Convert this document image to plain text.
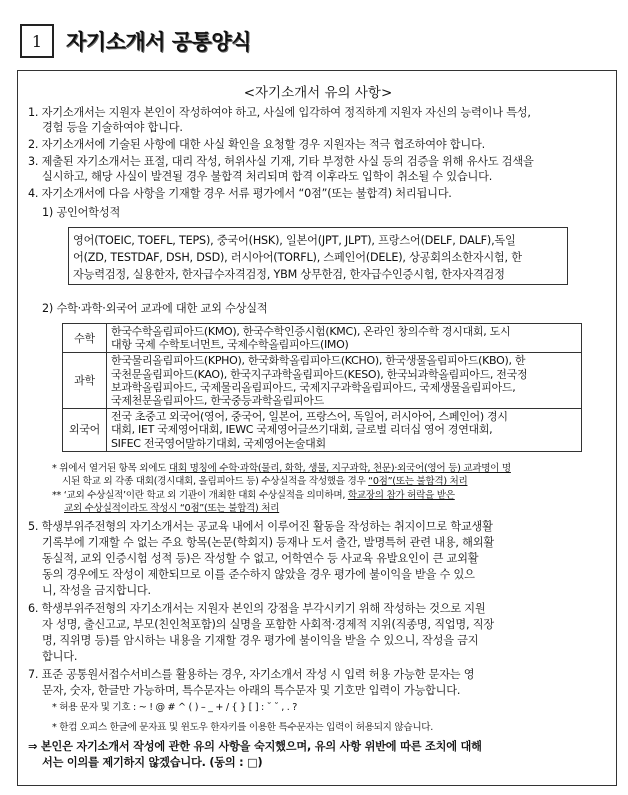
1	자기소개서 공통양식
<자기소개서 유의 사항>
1. 자기소개서는 지원자 본인이 작성하여야 하고, 사실에 입각하여 정직하게 지원자 자신의 능력이나 특성,
경험 등을 기술하여야 합니다.
2. 자기소개서에 기술된 사항에 대한 사실 확인을 요청할 경우 지원자는 적극 협조하여야 합니다.
3. 제출된 자기소개서는 표절, 대리 작성, 허위사실 기재, 기타 부정한 사실 등의 검증을 위해 유사도 검색을
실시하고, 해당 사실이 발견될 경우 불합격 처리되며 합격 이후라도 입학이 취소될 수 있습니다.
4. 자기소개서에 다음 사항을 기재할 경우 서류 평가에서 “0점”(또는 불합격) 처리됩니다.
1) 공인어학성적
영어(TOEIC, TOEFL, TEPS), 중국어(HSK), 일본어(JPT, JLPT), 프랑스어(DELF, DALF),독일
어(ZD, TESTDAF, DSH, DSD), 러시아어(TORFL), 스페인어(DELE), 상공회의소한자시험, 한
자능력검정, 실용한자, 한자급수자격검정, YBM 상무한검, 한자급수인증시험, 한자자격검정
2) 수학·과학·외국어 교과에 대한 교외 수상실적
수학	한국수학올림피아드(KMO), 한국수학인증시험(KMC), 온라인 창의수학 경시대회, 도시
대항 국제 수학토너먼트, 국제수학올림피아드(IMO)

과학	한국물리올림피아드(KPHO), 한국화학올림피아드(KCHO), 한국생물올림피아드(KBO), 한
국천문올림피아드(KAO), 한국지구과학올림피아드(KESO), 한국뇌과학올림피아드, 전국정
보과학올림피아드, 국제물리올림피아드, 국제지구과학올림피아드, 국제생물올림피아드,
국제천문올림피아드, 한국중등과학올림피아드

외국어	전국 초중고 외국어(영어, 중국어, 일본어, 프랑스어, 독일어, 러시아어, 스페인어) 경시
대회, IET 국제영어대회, IEWC 국제영어글쓰기대회, 글로벌 리더십 영어 경연대회,
SIFEC 전국영어말하기대회, 국제영어논술대회
* 위에서 열거된 항목 외에도 대회 명칭에 수학·과학(물리, 화학, 생물, 지구과학, 천문)·외국어(영어 등) 교과명이 명
시된 학교 외 각종 대회(경시대회, 올림피아드 등) 수상실적을 작성했을 경우 “0점”(또는 불합격) 처리
** ‘교외 수상실적’이란 학교 외 기관이 개최한 대회 수상실적을 의미하며, 학교장의 참가 허락을 받은
교외 수상실적이라도 작성시 “0점”(또는 불합격) 처리
5. 학생부위주전형의 자기소개서는 공교육 내에서 이루어진 활동을 작성하는 취지이므로 학교생활
기록부에 기재할 수 없는 주요 항목(논문(학회지) 등재나 도서 출간, 발명특허 관련 내용, 해외활
동실적, 교외 인증시험 성적 등)은 작성할 수 없고, 어학연수 등 사교육 유발요인이 큰 교외활
동의 경우에도 작성이 제한되므로 이를 준수하지 않았을 경우 평가에 불이익을 받을 수 있으
니, 작성을 금지합니다.
6. 학생부위주전형의 자기소개서는 지원자 본인의 강점을 부각시키기 위해 작성하는 것으로 지원
자 성명, 출신고교, 부모(친인척포함)의 실명을 포함한 사회적·경제적 지위(직종명, 직업명, 직장
명, 직위명 등)를 암시하는 내용을 기재할 경우 평가에 불이익을 받을 수 있으니, 작성을 금지
합니다.
7. 표준 공통원서접수서비스를 활용하는 경우, 자기소개서 작성 시 입력 허용 가능한 문자는 영
문자, 숫자, 한글만 가능하며, 특수문자는 아래의 특수문자 및 기호만 입력이 가능합니다.
* 허용 문자 및 기호 : ~ ! @ # ^ ( ) – _ + / { } [ ] : ˘ ˘ , . ?
* 한컴 오피스 한글에 문자표 및 윈도우 한자키를 이용한 특수문자는 입력이 허용되지 않습니다.
⇒ 본인은 자기소개서 작성에 관한 유의 사항을 숙지했으며, 유의 사항 위반에 따른 조치에 대해
서는 이의를 제기하지 않겠습니다. (동의 : □)
